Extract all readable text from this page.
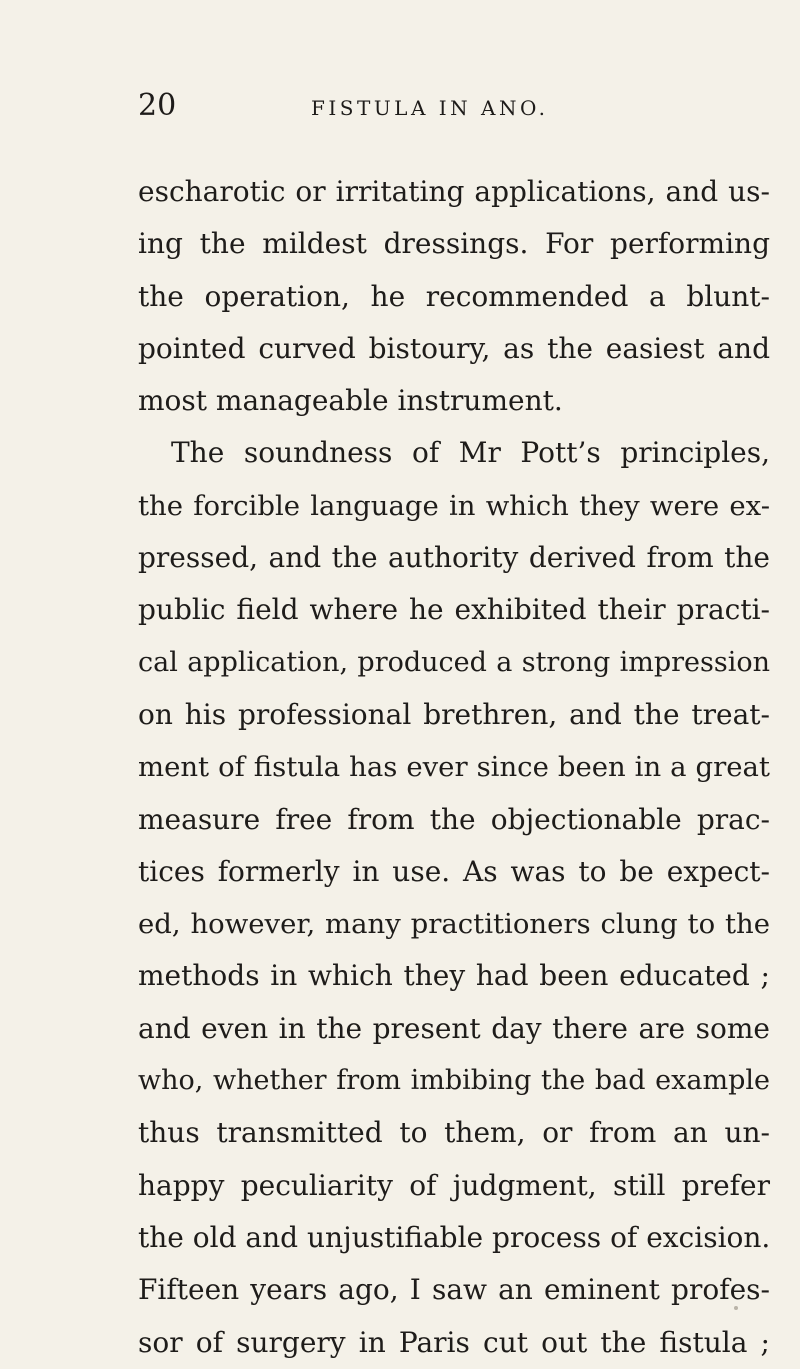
20	FISTULA IN ANO.
escharotic or irritating applications, and us-
ing the mildest dressings. For performing
the operation, he recommended a blunt-
pointed curved bistoury, as the easiest and
most manageable instrument.
The soundness of Mr Pott’s principles,
the forcible language in which they were ex-
pressed, and the authority derived from the
public field where he exhibited their practi-
cal application, produced a strong impression
on his professional brethren, and the treat-
ment of fistula has ever since been in a great
measure free from the objectionable prac-
tices formerly in use. As was to be expect-
ed, however, many practitioners clung to the
methods in which they had been educated ;
and even in the present day there are some
who, whether from imbibing the bad example
thus transmitted to them, or from an un-
happy peculiarity of judgment, still prefer
the old and unjustifiable process of excision.
Fifteen years ago, I saw an eminent profes-
sor of surgery in Paris cut out the fistula ;
